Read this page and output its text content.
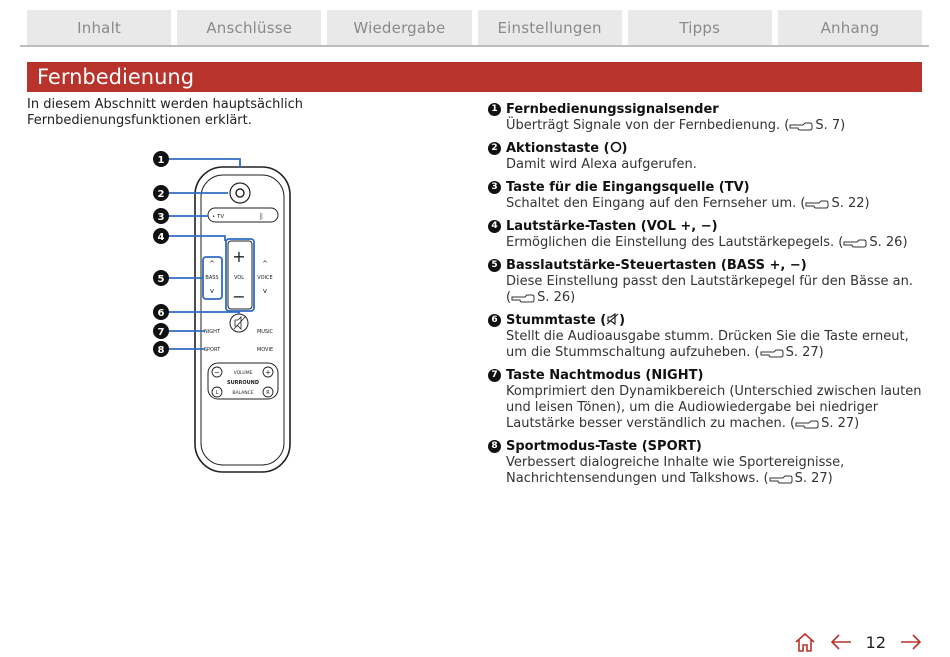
Inhalt	Anschlüsse	Wiedergabe	Einstellungen	Tipps	Anhang
Fernbedienung
In diesem Abschnitt werden hauptsächlich Fernbedienungsfunktionen erklärt.
• TV	ᛒ
+
VOL
−
^
BASS
v
^
VOICE
v
NIGHT	MUSIC
SPORT	MOVIE
−	VOLUME +
SURROUND
L	BALANCE	R
1
2
3
4
5
6
7
8
1 Fernbedienungssignalsender
Überträgt Signale von der Fernbedienung. ( S. 7)
2 Aktionstaste ( )
Damit wird Alexa aufgerufen.
3 Taste für die Eingangsquelle (TV)
Schaltet den Eingang auf den Fernseher um. ( S. 22)
4 Lautstärke-Tasten (VOL +, −)
Ermöglichen die Einstellung des Lautstärkepegels. ( S. 26)
5 Basslautstärke-Steuertasten (BASS +, −)
Diese Einstellung passt den Lautstärkepegel für den Bässe an. ( S. 26)
6 Stummtaste ( )
Stellt die Audioausgabe stumm. Drücken Sie die Taste erneut, um die Stummschaltung aufzuheben. ( S. 27)
7 Taste Nachtmodus (NIGHT)
Komprimiert den Dynamikbereich (Unterschied zwischen lauten und leisen Tönen), um die Audiowiedergabe bei niedriger Lautstärke besser verständlich zu machen. ( S. 27)
8 Sportmodus-Taste (SPORT)
Verbessert dialogreiche Inhalte wie Sportereignisse, Nachrichtensendungen und Talkshows. ( S. 27)
12
